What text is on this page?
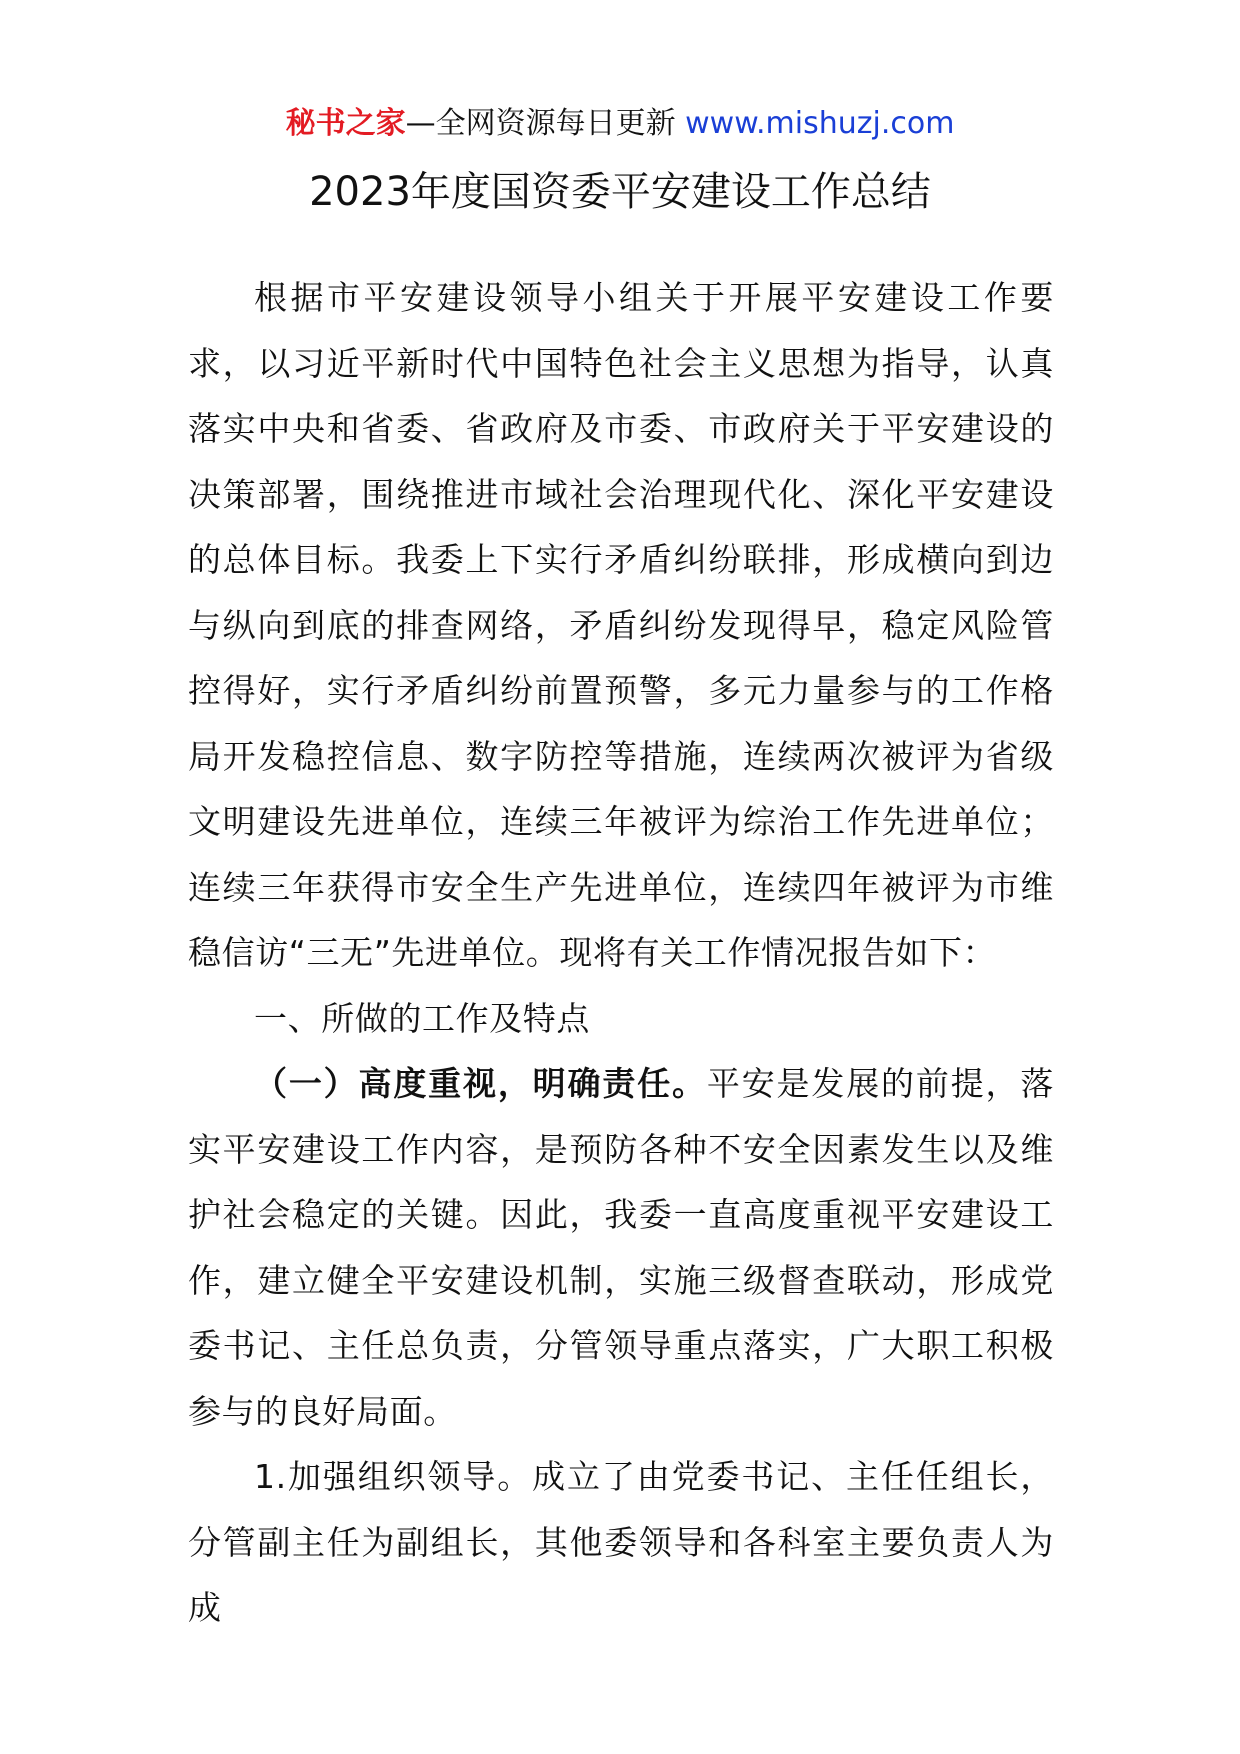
秘书之家—全网资源每日更新 www.mishuzj.com
2023年度国资委平安建设工作总结

根据市平安建设领导小组关于开展平安建设工作要求，以习近平新时代中国特色社会主义思想为指导，认真落实中央和省委、省政府及市委、市政府关于平安建设的决策部署，围绕推进市域社会治理现代化、深化平安建设的总体目标。我委上下实行矛盾纠纷联排，形成横向到边与纵向到底的排查网络，矛盾纠纷发现得早，稳定风险管控得好，实行矛盾纠纷前置预警，多元力量参与的工作格局开发稳控信息、数字防控等措施，连续两次被评为省级文明建设先进单位，连续三年被评为综治工作先进单位；连续三年获得市安全生产先进单位，连续四年被评为市维稳信访“三无”先进单位。现将有关工作情况报告如下：

一、所做的工作及特点

（一）高度重视，明确责任。平安是发展的前提，落实平安建设工作内容，是预防各种不安全因素发生以及维护社会稳定的关键。因此，我委一直高度重视平安建设工作，建立健全平安建设机制，实施三级督查联动，形成党委书记、主任总负责，分管领导重点落实，广大职工积极参与的良好局面。

1.加强组织领导。成立了由党委书记、主任任组长，分管副主任为副组长，其他委领导和各科室主要负责人为成
